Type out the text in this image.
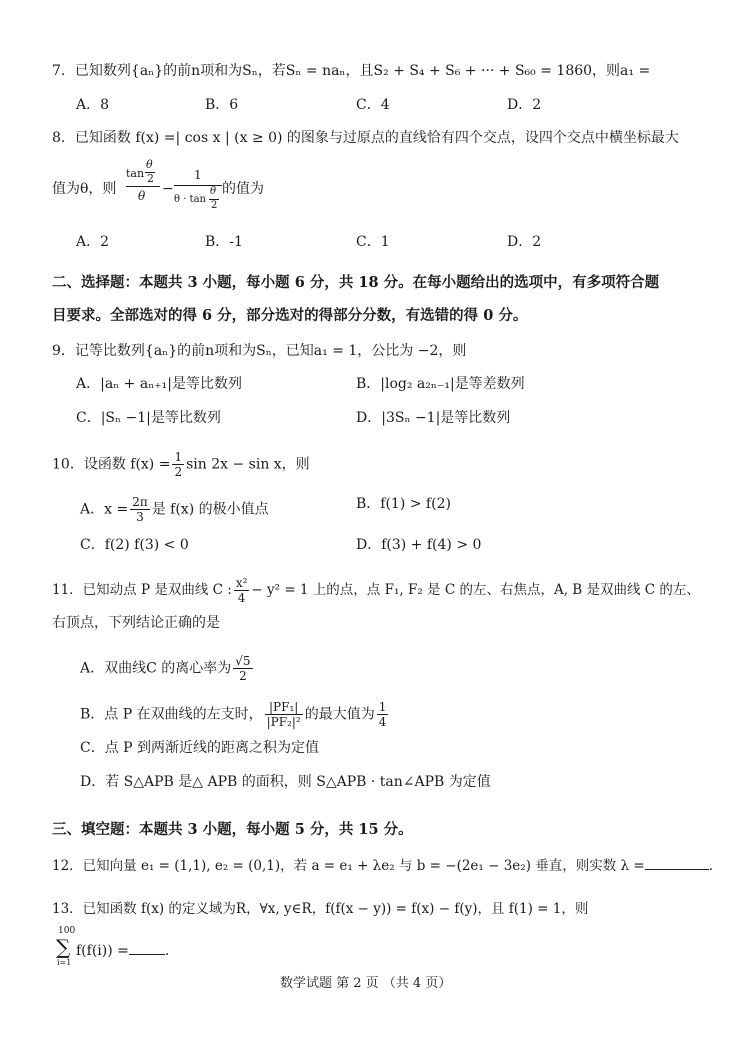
7．已知数列{aₙ}的前n项和为Sₙ，若Sₙ = naₙ，且S₂ + S₄ + S₆ + ··· + S₆₀ = 1860，则a₁ =
A．8	B．6	C．4	D．2
8．已知函数 f(x) =| cos x | (x ≥ 0) 的图象与过原点的直线恰有四个交点，设四个交点中横坐标最大
值为θ，则
θ
tan 2
θ −
1
θ · tan
θ
2
的值为
A．2	B．-1	C．1	D．2
二、选择题：本题共 3 小题，每小题 6 分，共 18 分。在每小题给出的选项中，有多项符合题
目要求。全部选对的得 6 分，部分选对的得部分分数，有选错的得 0 分。
9．记等比数列{aₙ}的前n项和为Sₙ，已知a₁ = 1，公比为 −2，则
A．|aₙ + aₙ₊₁|是等比数列	B．|log₂ a₂ₙ₋₁|是等差数列
C．|Sₙ −1|是等比数列	D．|3Sₙ −1|是等比数列
10．设函数 $f(x) = \frac{1}{2}$ sin 2x − sin x，则
A．$x = \frac{2\pi}{3}$ 是 f(x) 的极小值点	B．f(1) > f(2)
C．f(2) f(3) < 0	D．f(3) + f(4) > 0
11．已知动点 P 是双曲线 C : $\frac{\text{x²}}{4} - y^2 = 1$ 上的点，点 F₁, F₂ 是 C 的左、右焦点，A, B 是双曲线 C 的左、
右顶点，下列结论正确的是
A．双曲线C 的离心率为 $\frac{√5}{2}$
B．点 P 在双曲线的左支时， $\frac{\text{|PF₁|}}{\text{|PF₂|²}}$ 的最大值为 $\frac{1}{4}$
C．点 P 到两渐近线的距离之积为定值
D．若 S△APB 是△ APB 的面积，则 S△APB · tan∠APB 为定值
三、填空题：本题共 3 小题，每小题 5 分，共 15 分。
12．已知向量 e₁ = (1,1), e₂ = (0,1)，若 a = e₁ + λe₂ 与 b = −(2e₁ − 3e₂) 垂直，则实数 λ =	.
13．已知函数 f(x) 的定义域为R，∀x, y∈R，f(f(x − y)) = f(x) − f(y)，且 f(1) = 1，则
100
∑
i=1
f(f(i)) =	.
数学试题 第 2 页 （共 4 页）
